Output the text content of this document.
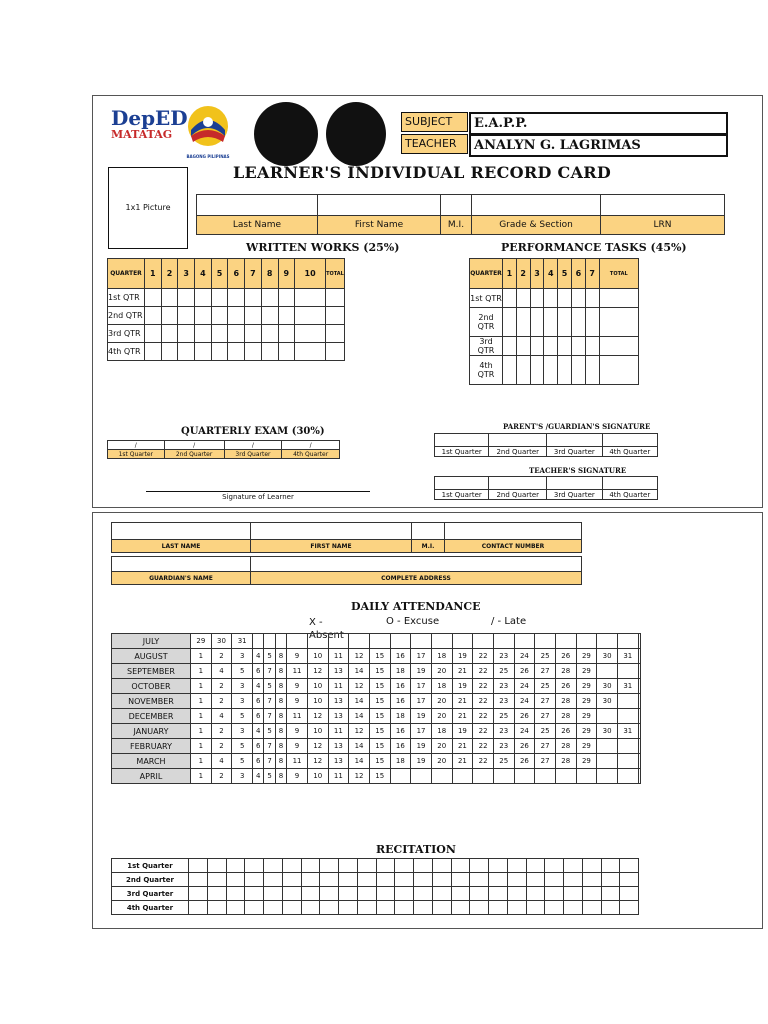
DepED
MATATAG
BAGONG PILIPINAS
SUBJECT	E.A.P.P.
TEACHER	ANALYN G. LAGRIMAS
LEARNER'S INDIVIDUAL RECORD CARD
1x1 Picture

Last Name	First Name	M.I.	Grade & Section	LRN
WRITTEN WORKS (25%)	PERFORMANCE TASKS (45%)
QUARTER	1	2	3	4	5	6	7	8	9	10	TOTAL
1st QTR											
2nd QTR											
3rd QTR											
4th QTR											
QUARTER	1	2	3	4	5	6	7	TOTAL
1st QTR								
2nd QTR								
3rd QTR								
4th QTR								
QUARTERLY EXAM (30%)
/	/	/	/
1st Quarter	2nd Quarter	3rd Quarter	4th Quarter
PARENT'S /GUARDIAN'S SIGNATURE

1st Quarter	2nd Quarter	3rd Quarter	4th Quarter
TEACHER'S SIGNATURE

1st Quarter	2nd Quarter	3rd Quarter	4th Quarter
Signature of Learner

LAST NAME	FIRST NAME	M.I.	CONTACT NUMBER

GUARDIAN'S NAME	COMPLETE ADDRESS
DAILY ATTENDANCE
X - Absent
O - Excuse	/ - Late
JULY	29	30	31																					
AUGUST	1	2	3	4	5	8	9	10	11	12	15	16	17	18	19	22	23	24	25	26	29	30	31	
SEPTEMBER	1	4	5	6	7	8	11	12	13	14	15	18	19	20	21	22	25	26	27	28	29			
OCTOBER	1	2	3	4	5	8	9	10	11	12	15	16	17	18	19	22	23	24	25	26	29	30	31	
NOVEMBER	1	2	3	6	7	8	9	10	13	14	15	16	17	20	21	22	23	24	27	28	29	30		
DECEMBER	1	4	5	6	7	8	11	12	13	14	15	18	19	20	21	22	25	26	27	28	29			
JANUARY	1	2	3	4	5	8	9	10	11	12	15	16	17	18	19	22	23	24	25	26	29	30	31	
FEBRUARY	1	2	5	6	7	8	9	12	13	14	15	16	19	20	21	22	23	26	27	28	29			
MARCH	1	4	5	6	7	8	11	12	13	14	15	18	19	20	21	22	25	26	27	28	29			
APRIL	1	2	3	4	5	8	9	10	11	12	15													
RECITATION
1st Quarter																								
2nd Quarter																								
3rd Quarter																								
4th Quarter																								
